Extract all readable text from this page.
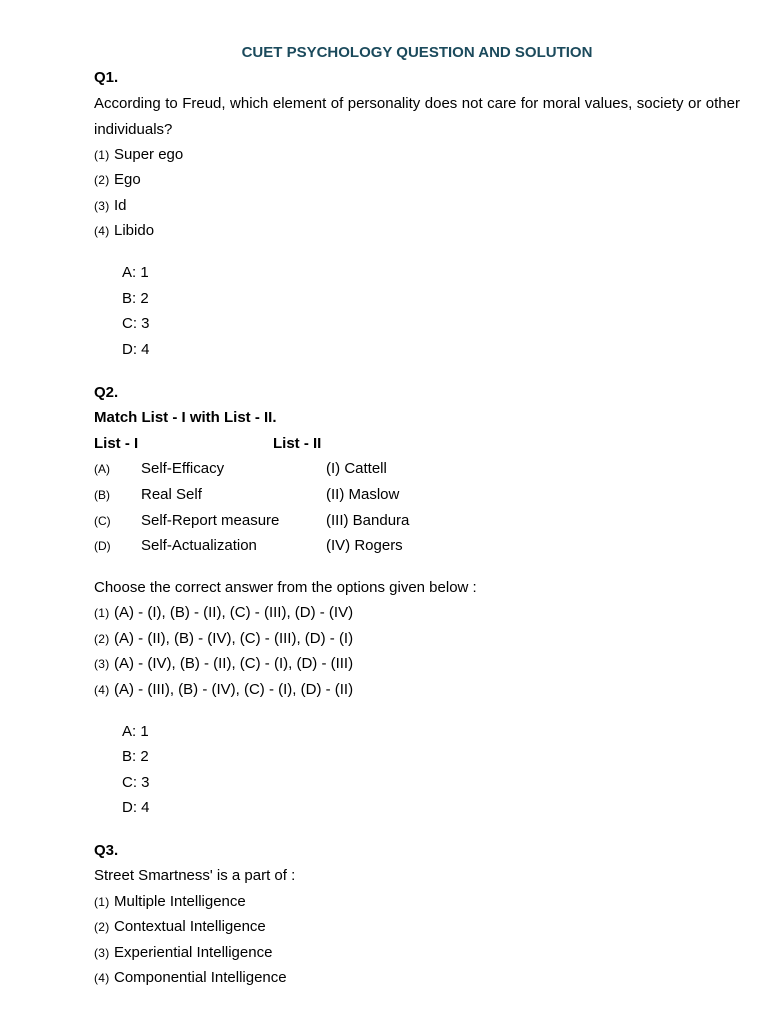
CUET PSYCHOLOGY QUESTION AND SOLUTION
Q1.
According to Freud, which element of personality does not care for moral values, society or other individuals?
(1) Super ego
(2) Ego
(3) Id
(4) Libido
A: 1
B: 2
C: 3
D: 4
Q2.
Match List - I with List - II.
List - I	List - II
(A) Self-Efficacy	(I) Cattell
(B) Real Self	(II) Maslow
(C) Self-Report measure	(III) Bandura
(D) Self-Actualization	(IV) Rogers
Choose the correct answer from the options given below :
(1) (A) - (I), (B) - (II), (C) - (III), (D) - (IV)
(2) (A) - (II), (B) - (IV), (C) - (III), (D) - (I)
(3) (A) - (IV), (B) - (II), (C) - (I), (D) - (III)
(4) (A) - (III), (B) - (IV), (C) - (I), (D) - (II)
A: 1
B: 2
C: 3
D: 4
Q3.
Street Smartness' is a part of :
(1) Multiple Intelligence
(2) Contextual Intelligence
(3) Experiential Intelligence
(4) Componential Intelligence
